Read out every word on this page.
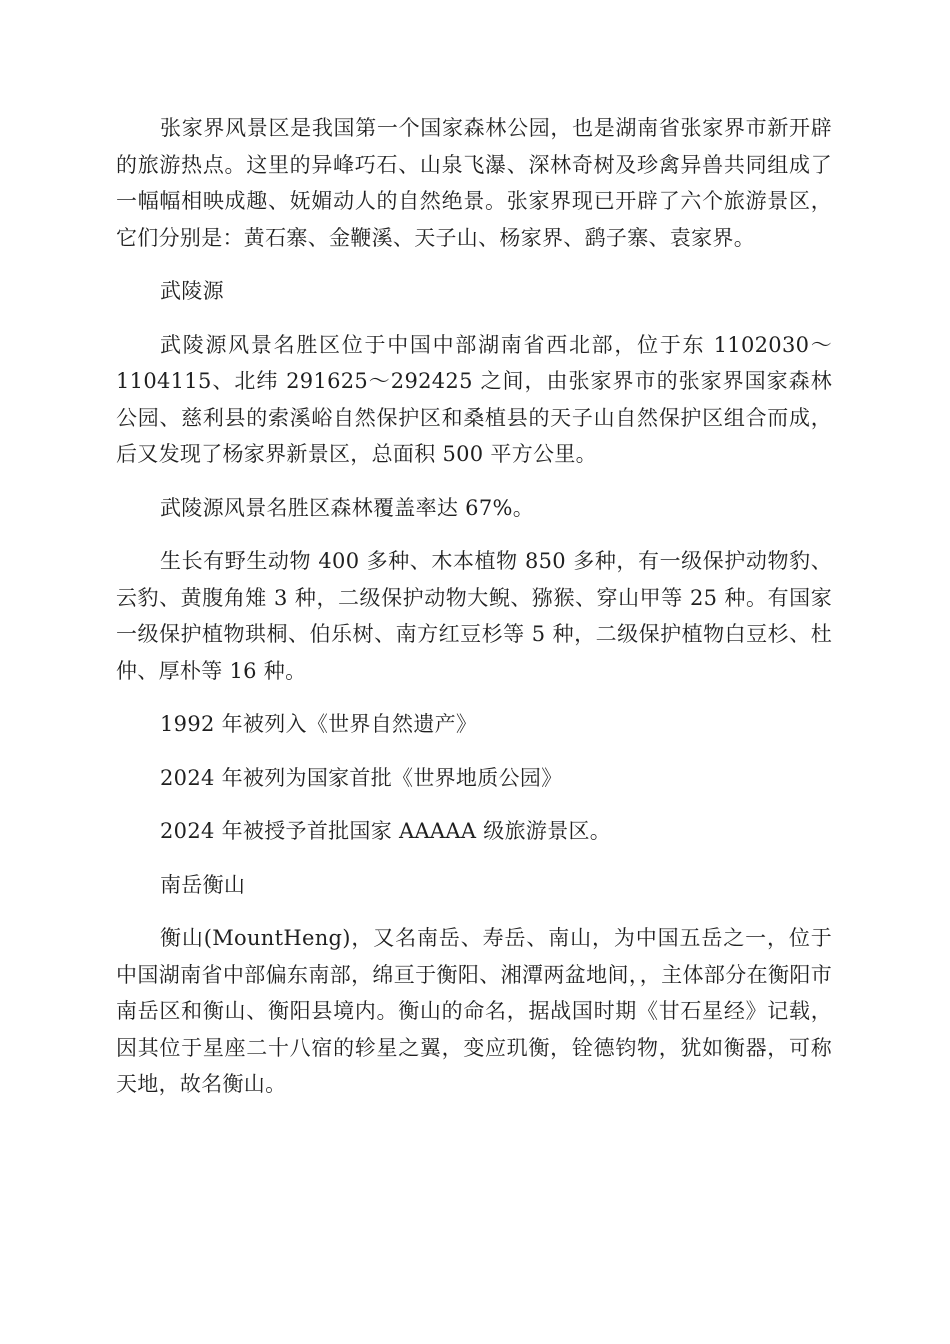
张家界风景区是我国第一个国家森林公园，也是湖南省张家界市新开辟的旅游热点。这里的异峰巧石、山泉飞瀑、深林奇树及珍禽异兽共同组成了一幅幅相映成趣、妩媚动人的自然绝景。张家界现已开辟了六个旅游景区，它们分别是：黄石寨、金鞭溪、天子山、杨家界、鹞子寨、袁家界。

武陵源

武陵源风景名胜区位于中国中部湖南省西北部，位于东 1102030～1104115、北纬 291625～292425 之间，由张家界市的张家界国家森林公园、慈利县的索溪峪自然保护区和桑植县的天子山自然保护区组合而成，后又发现了杨家界新景区，总面积 500 平方公里。

武陵源风景名胜区森林覆盖率达 67%。

生长有野生动物 400 多种、木本植物 850 多种，有一级保护动物豹、云豹、黄腹角雉 3 种，二级保护动物大鲵、猕猴、穿山甲等 25 种。有国家一级保护植物珙桐、伯乐树、南方红豆杉等 5 种，二级保护植物白豆杉、杜仲、厚朴等 16 种。

1992 年被列入《世界自然遗产》

2024 年被列为国家首批《世界地质公园》

2024 年被授予首批国家 AAAAA 级旅游景区。

南岳衡山

衡山(MountHeng)，又名南岳、寿岳、南山，为中国五岳之一，位于中国湖南省中部偏东南部，绵亘于衡阳、湘潭两盆地间，，主体部分在衡阳市南岳区和衡山、衡阳县境内。衡山的命名，据战国时期《甘石星经》记载，因其位于星座二十八宿的轸星之翼，变应玑衡，铨德钧物，犹如衡器，可称天地，故名衡山。
